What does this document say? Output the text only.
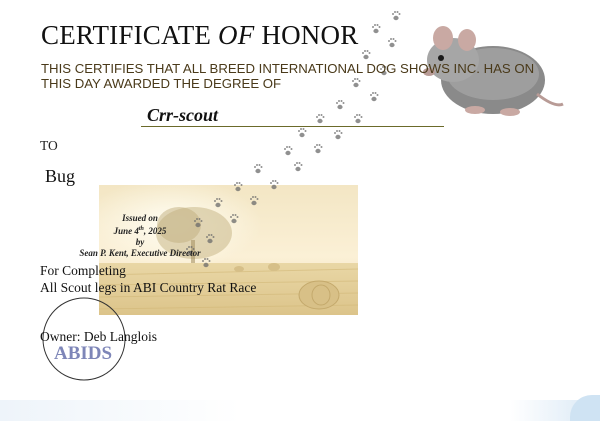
CERTIFICATE OF HONOR
THIS CERTIFIES THAT ALL BREED INTERNATIONAL DOG SHOWS INC. HAS ON THIS DAY AWARDED THE DEGREE OF
Crr-scout
TO
Bug
Issued on
June 4th, 2025
by
Sean P. Kent, Executive Director
For Completing
All Scout legs in ABI Country Rat Race
ABIDS
Owner: Deb Langlois
